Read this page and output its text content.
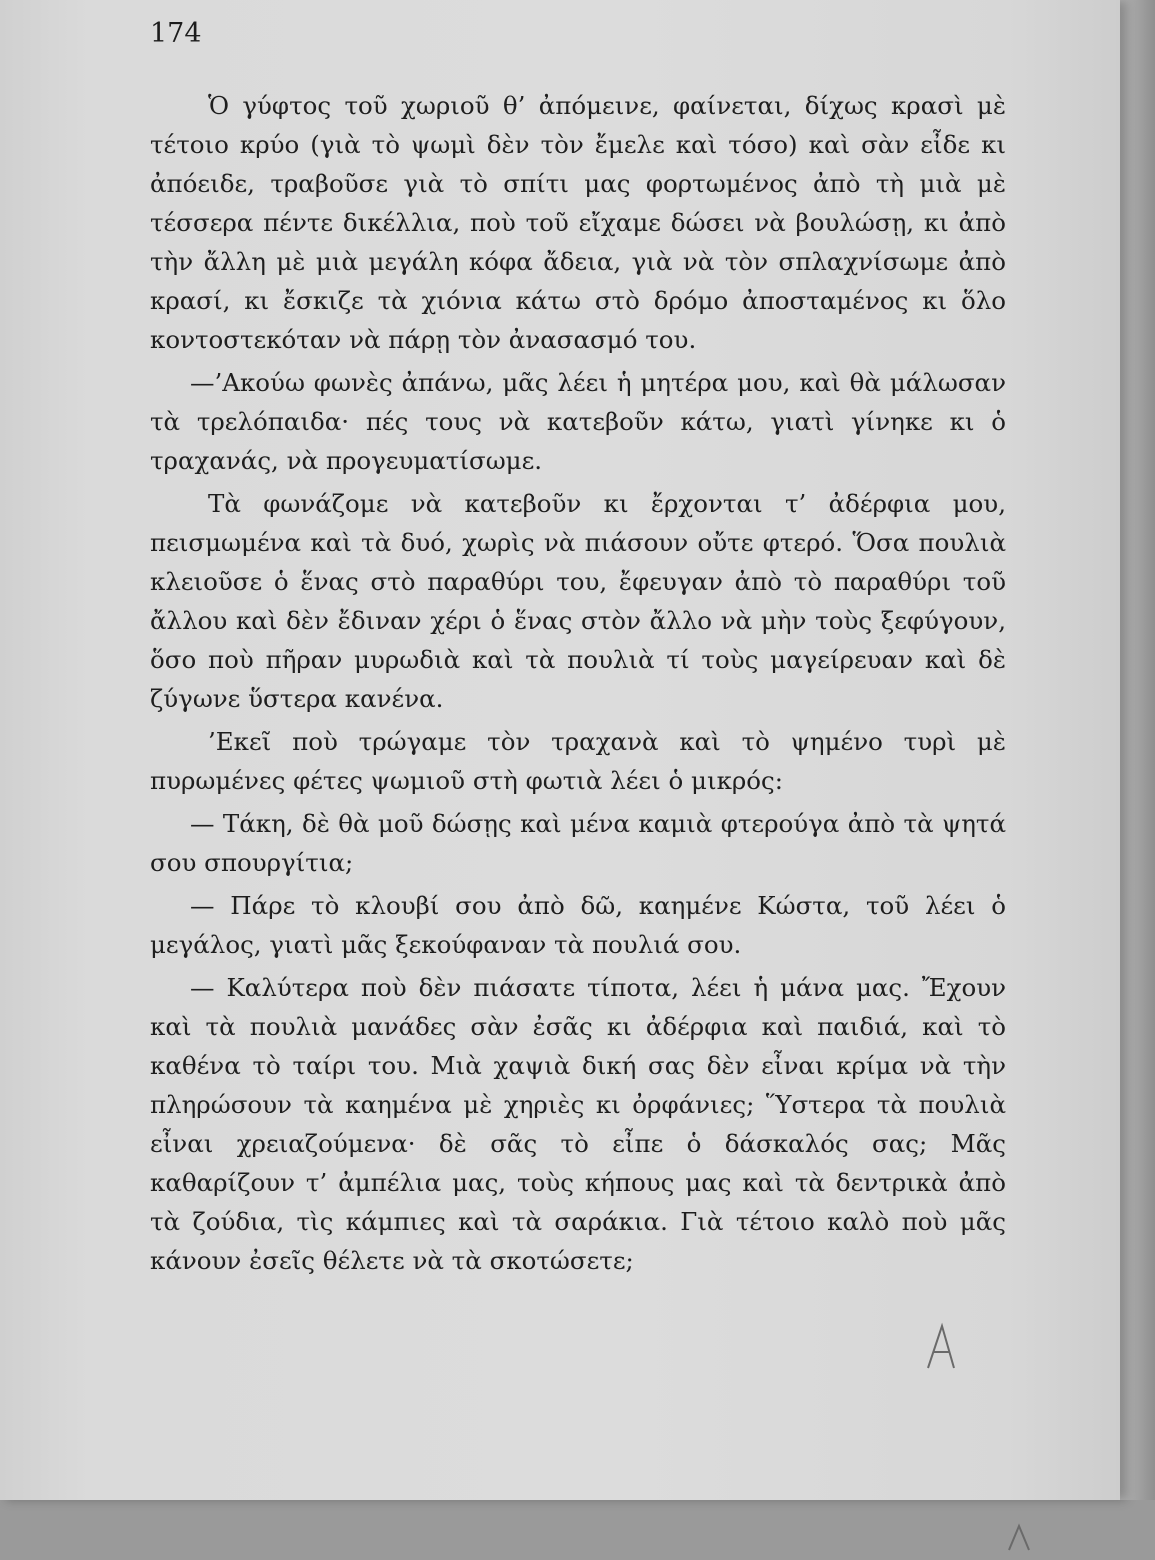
174

Ὁ γύφτος τοῦ χωριοῦ θ’ ἀπόμεινε, φαίνεται, δίχως κρασὶ μὲ τέτοιο κρύο (γιὰ τὸ ψωμὶ δὲν τὸν ἔμελε καὶ τόσο) καὶ σὰν εἶδε κι ἀπόειδε, τραβοῦσε γιὰ τὸ σπίτι μας φορτωμένος ἀπὸ τὴ μιὰ μὲ τέσσερα πέντε δικέλλια, ποὺ τοῦ εἴχαμε δώσει νὰ βουλώσῃ, κι ἀπὸ τὴν ἄλλη μὲ μιὰ μεγάλη κόφα ἄδεια, γιὰ νὰ τὸν σπλαχνίσωμε ἀπὸ κρασί, κι ἔσκιζε τὰ χιόνια κάτω στὸ δρόμο ἀποσταμένος κι ὅλο κοντοστεκόταν νὰ πάρῃ τὸν ἀνασασμό του.

—’Ακούω φωνὲς ἀπάνω, μᾶς λέει ἡ μητέρα μου, καὶ θὰ μάλωσαν τὰ τρελόπαιδα· πές τους νὰ κατεβοῦν κάτω, γιατὶ γίνηκε κι ὁ τραχανάς, νὰ προγευματίσωμε.

Τὰ φωνάζομε νὰ κατεβοῦν κι ἔρχονται τ’ ἀδέρφια μου, πεισμωμένα καὶ τὰ δυό, χωρὶς νὰ πιάσουν οὔτε φτερό. Ὅσα πουλιὰ κλειοῦσε ὁ ἕνας στὸ παραθύρι του, ἔφευγαν ἀπὸ τὸ παραθύρι τοῦ ἄλλου καὶ δὲν ἔδιναν χέρι ὁ ἕνας στὸν ἄλλο νὰ μὴν τοὺς ξεφύγουν, ὅσο ποὺ πῆραν μυρωδιὰ καὶ τὰ πουλιὰ τί τοὺς μαγείρευαν καὶ δὲ ζύγωνε ὕστερα κανένα.

’Εκεῖ ποὺ τρώγαμε τὸν τραχανὰ καὶ τὸ ψημένο τυρὶ μὲ πυρωμένες φέτες ψωμιοῦ στὴ φωτιὰ λέει ὁ μικρός:

— Τάκη, δὲ θὰ μοῦ δώσῃς καὶ μένα καμιὰ φτερούγα ἀπὸ τὰ ψητά σου σπουργίτια;

— Πάρε τὸ κλουβί σου ἀπὸ δῶ, καημένε Κώστα, τοῦ λέει ὁ μεγάλος, γιατὶ μᾶς ξεκούφαναν τὰ πουλιά σου.

— Καλύτερα ποὺ δὲν πιάσατε τίποτα, λέει ἡ μάνα μας. Ἔχουν καὶ τὰ πουλιὰ μανάδες σὰν ἐσᾶς κι ἀδέρφια καὶ παιδιά, καὶ τὸ καθένα τὸ ταίρι του. Μιὰ χαψιὰ δική σας δὲν εἶναι κρίμα νὰ τὴν πληρώσουν τὰ καημένα μὲ χηριὲς κι ὀρφάνιες; Ὕστερα τὰ πουλιὰ εἶναι χρειαζούμενα· δὲ σᾶς τὸ εἶπε ὁ δάσκαλός σας; Μᾶς καθαρίζουν τ’ ἀμπέλια μας, τοὺς κήπους μας καὶ τὰ δεντρικὰ ἀπὸ τὰ ζούδια, τὶς κάμπιες καὶ τὰ σαράκια. Γιὰ τέτοιο καλὸ ποὺ μᾶς κάνουν ἐσεῖς θέλετε νὰ τὰ σκοτώσετε;
